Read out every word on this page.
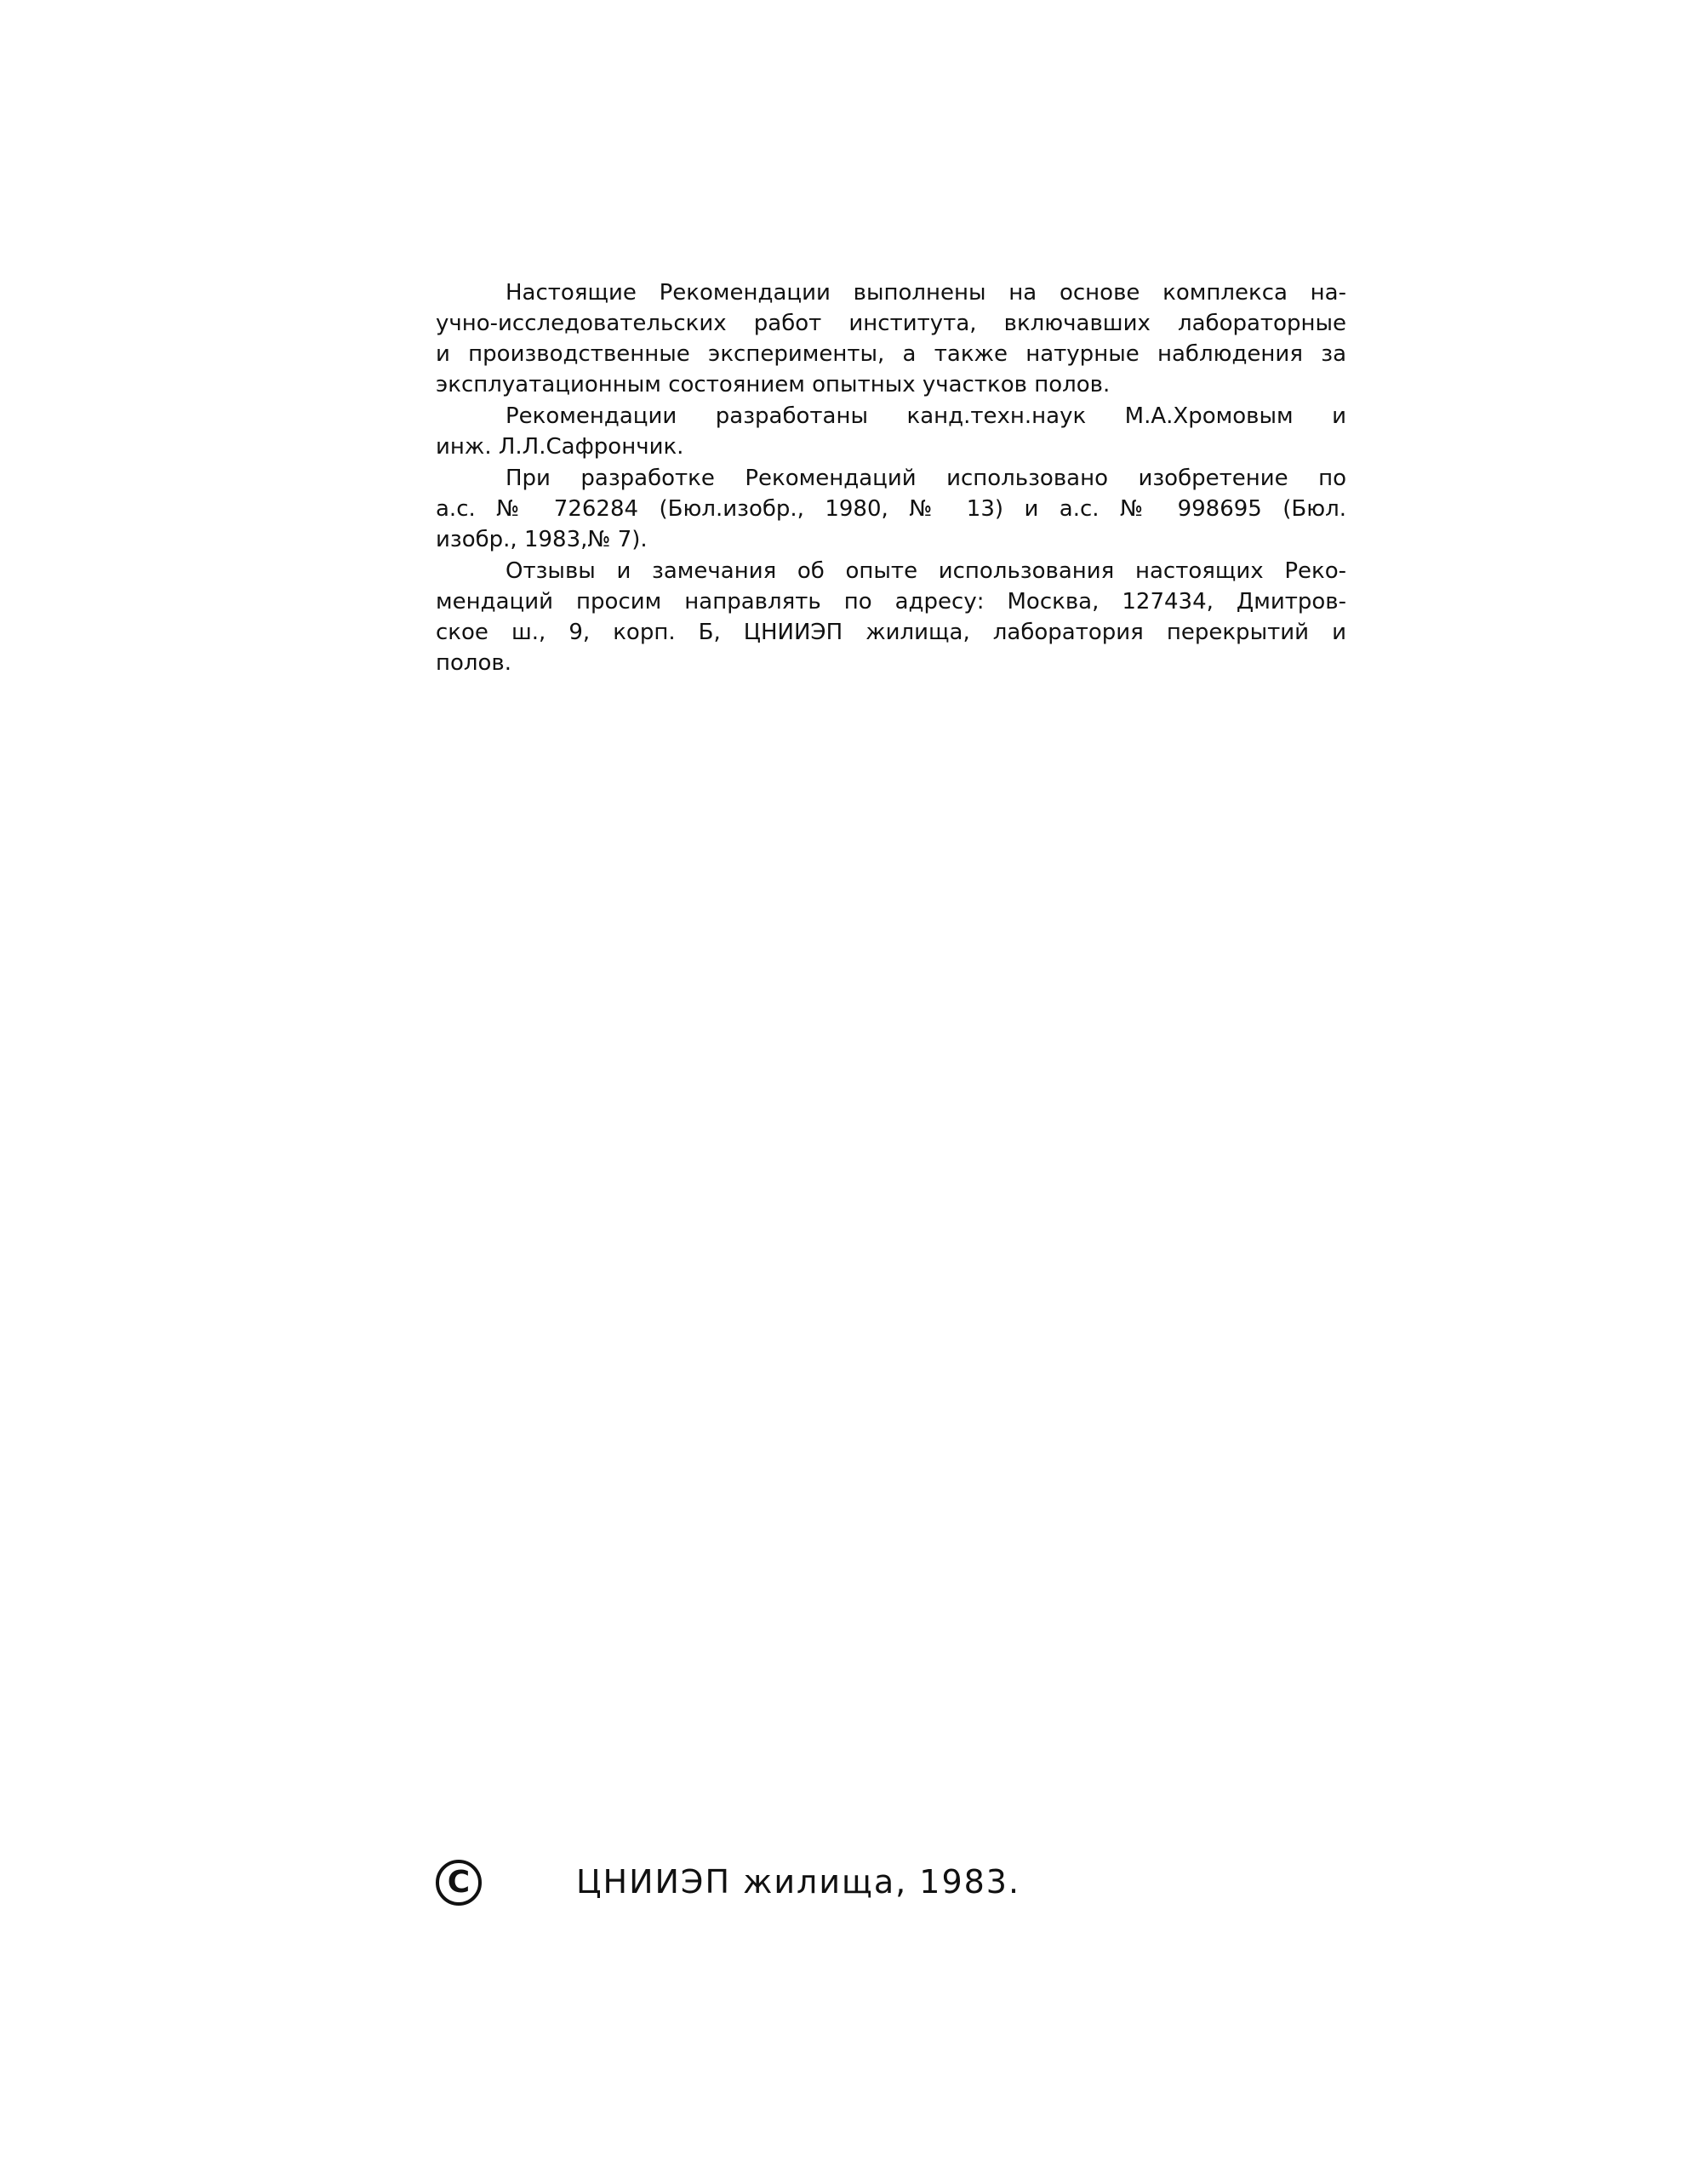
Настоящие Рекомендации выполнены на основе комплекса на-
учно-исследовательских работ института, включавших лабораторные
и производственные эксперименты, а также натурные наблюдения за
эксплуатационным состоянием опытных участков полов.
Рекомендации разработаны канд.техн.наук М.А.Хромовым и
инж. Л.Л.Сафрончик.
При разработке Рекомендаций использовано изобретение по
а.с. № 726284 (Бюл.изобр., 1980, № 13) и а.с. № 998695 (Бюл.
изобр., 1983,№ 7).
Отзывы и замечания об опыте использования настоящих Реко-
мендаций просим направлять по адресу: Москва, 127434, Дмитров-
ское ш., 9, корп. Б, ЦНИИЭП жилища, лаборатория перекрытий и
полов.
C	ЦНИИЭП жилища, 1983.
